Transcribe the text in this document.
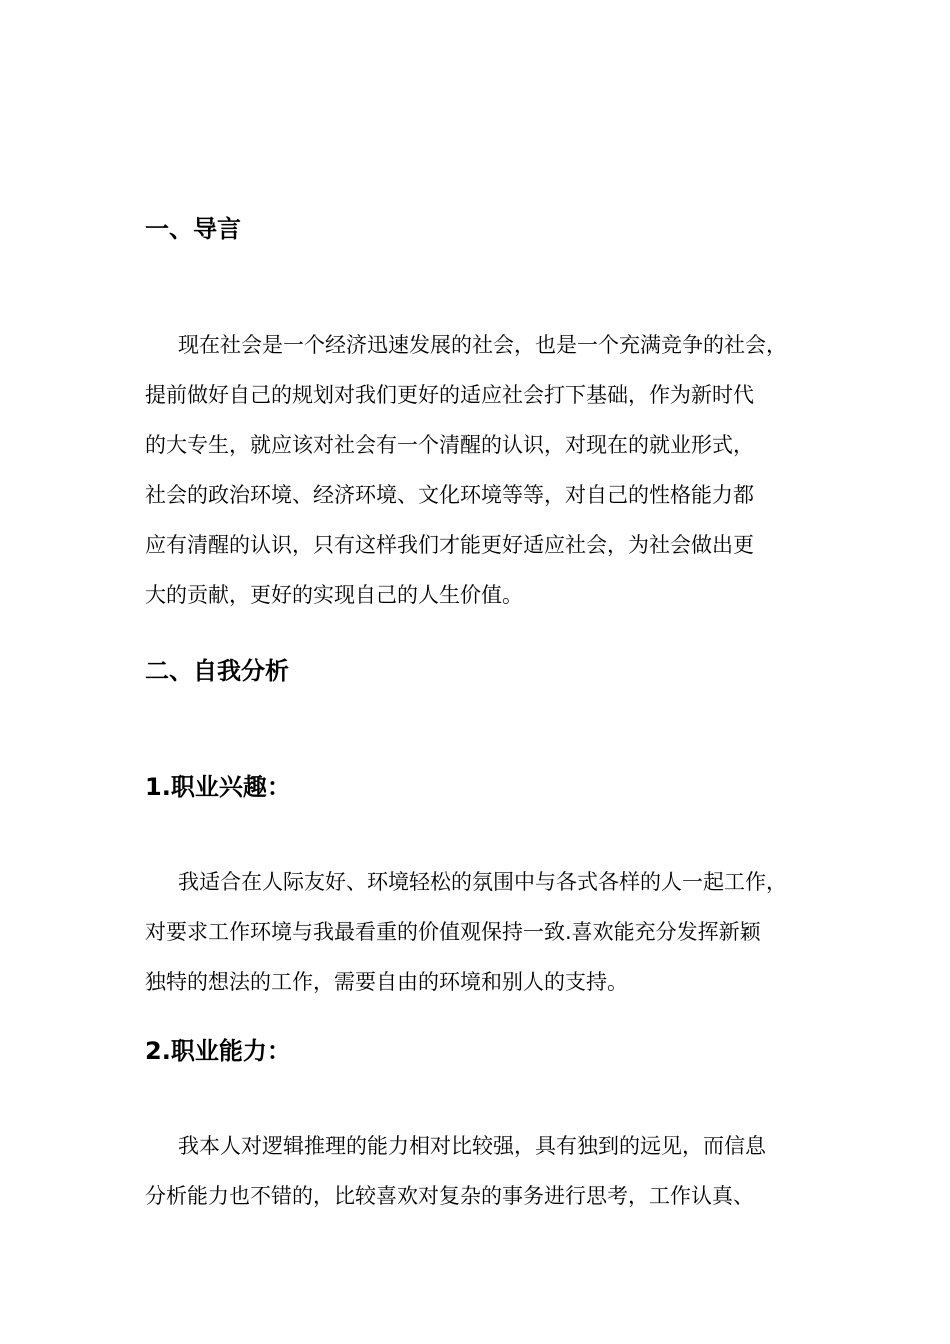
一、导言

现在社会是一个经济迅速发展的社会，也是一个充满竞争的社会，

提前做好自己的规划对我们更好的适应社会打下基础，作为新时代

的大专生，就应该对社会有一个清醒的认识，对现在的就业形式，

社会的政治环境、经济环境、文化环境等等，对自己的性格能力都

应有清醒的认识，只有这样我们才能更好适应社会，为社会做出更

大的贡献，更好的实现自己的人生价值。

二、自我分析
1.职业兴趣：

我适合在人际友好、环境轻松的氛围中与各式各样的人一起工作，

对要求工作环境与我最看重的价值观保持一致.喜欢能充分发挥新颖

独特的想法的工作，需要自由的环境和别人的支持。

2.职业能力：

我本人对逻辑推理的能力相对比较强，具有独到的远见，而信息

分析能力也不错的，比较喜欢对复杂的事务进行思考，工作认真、
